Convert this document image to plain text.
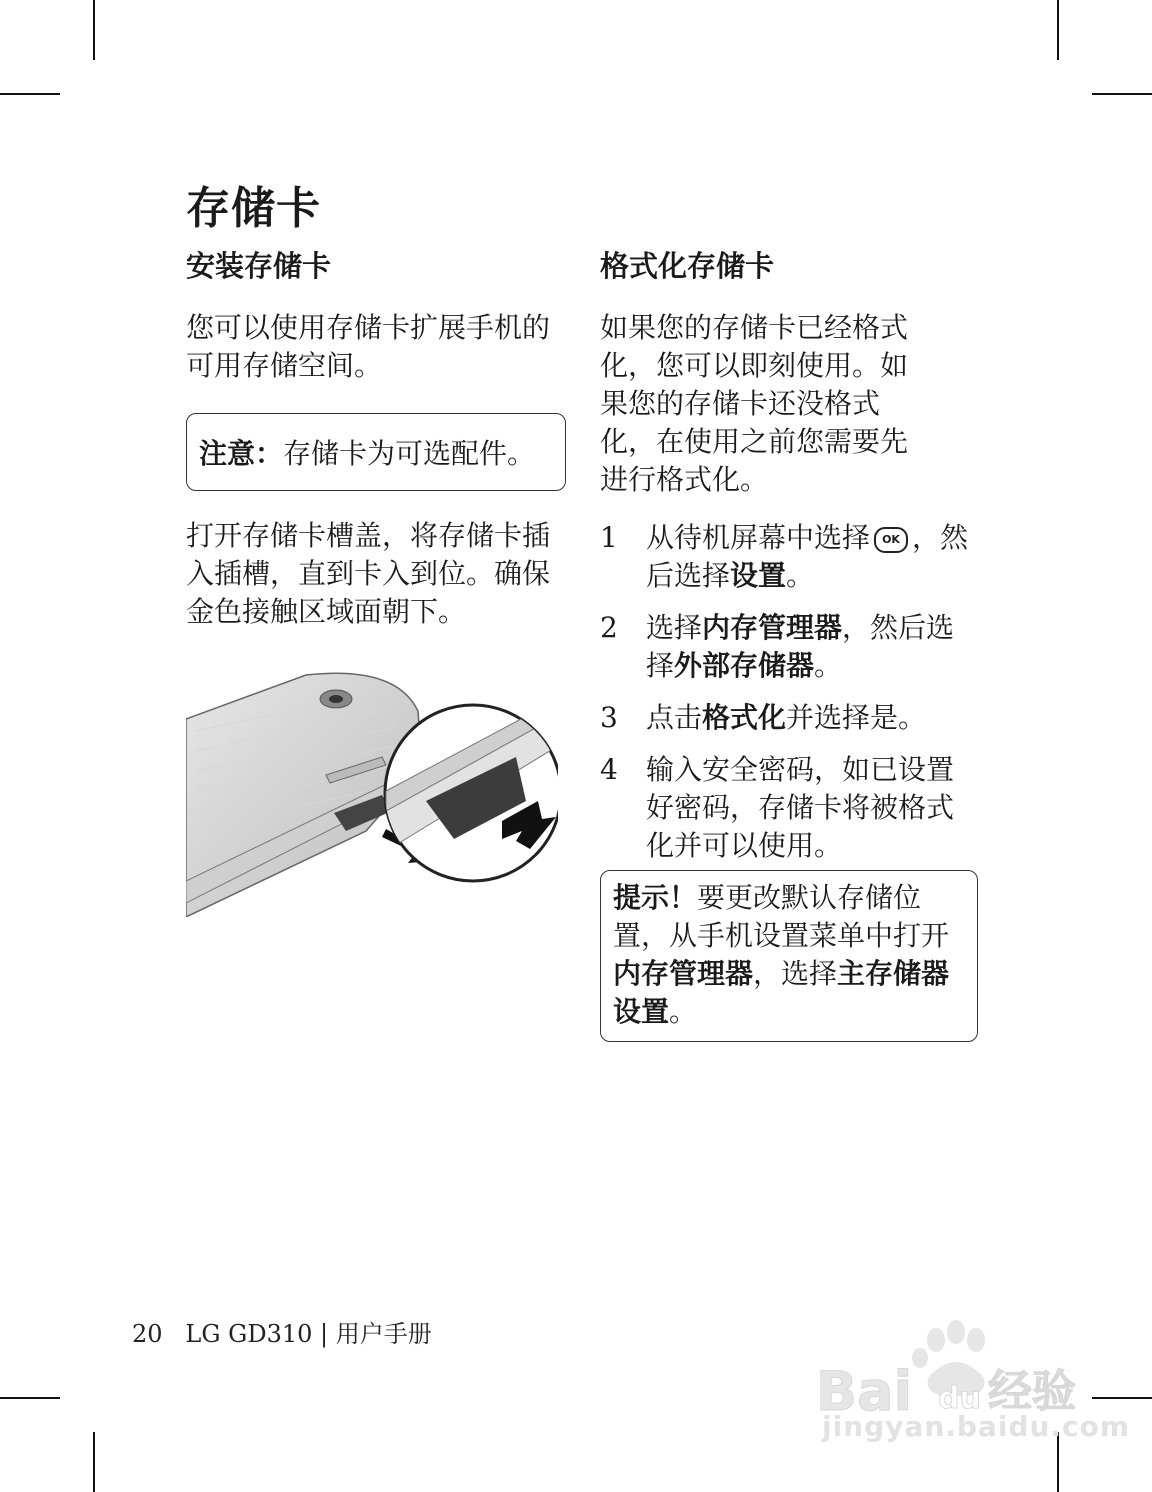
存储卡
安装存储卡

您可以使用存储卡扩展手机的可用存储空间。

注意：存储卡为可选配件。

打开存储卡槽盖，将存储卡插入插槽，直到卡入到位。确保金色接触区域面朝下。

格式化存储卡

如果您的存储卡已经格式化，您可以即刻使用。如果您的存储卡还没格式化，在使用之前您需要先进行格式化。

1	从待机屏幕中选择 OK ，然后选择设置。
2	选择内存管理器，然后选择外部存储器。
3	点击格式化并选择是。
4	输入安全密码，如已设置好密码，存储卡将被格式化并可以使用。
提示！要更改默认存储位置，从手机设置菜单中打开内存管理器，选择主存储器设置。
20   LG GD310 | 用户手册
Bai du 经验
jingyan.baidu.com
